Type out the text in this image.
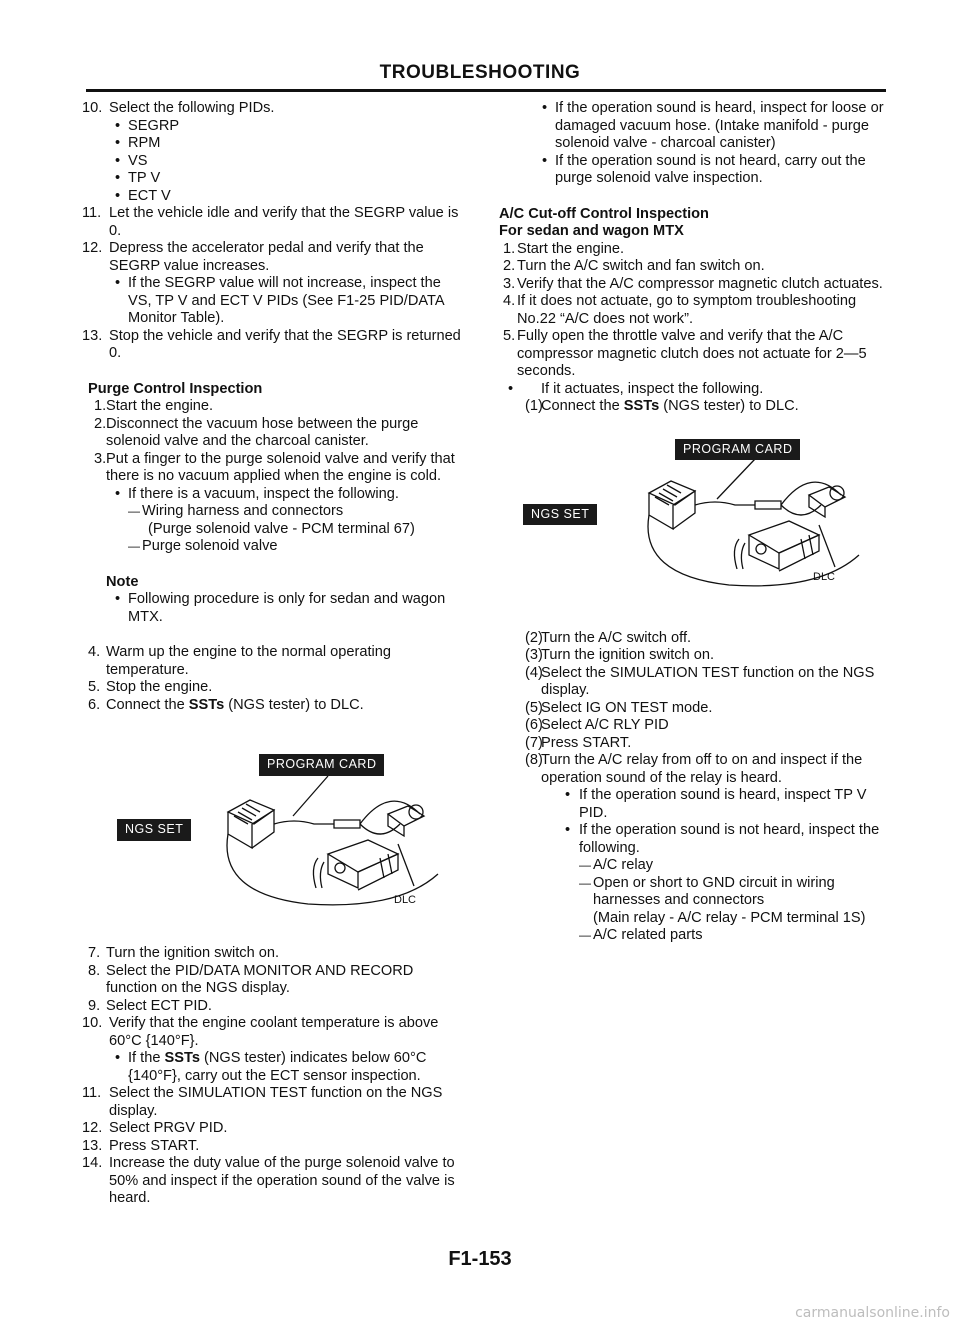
TROUBLESHOOTING
10. Select the following PIDs.
• SEGRP
• RPM
• VS
• TP V
• ECT V
11. Let the vehicle idle and verify that the SEGRP value is 0.
12. Depress the accelerator pedal and verify that the SEGRP value increases.
• If the SEGRP value will not increase, inspect the VS, TP V and ECT V PIDs (See F1-25 PID/DATA Monitor Table).
13. Stop the vehicle and verify that the SEGRP is returned 0.
Purge Control Inspection
1. Start the engine.
2. Disconnect the vacuum hose between the purge solenoid valve and the charcoal canister.
3. Put a finger to the purge solenoid valve and verify that there is no vacuum applied when the engine is cold.
• If there is a vacuum, inspect the following.
— Wiring harness and connectors
(Purge solenoid valve - PCM terminal 67)
— Purge solenoid valve
Note
• Following procedure is only for sedan and wagon MTX.
4. Warm up the engine to the normal operating temperature.
5. Stop the engine.
6. Connect the SSTs (NGS tester) to DLC.
PROGRAM CARD
NGS SET
DLC
7. Turn the ignition switch on.
8. Select the PID/DATA MONITOR AND RECORD function on the NGS display.
9. Select ECT PID.
10. Verify that the engine coolant temperature is above 60°C {140°F}.
• If the SSTs (NGS tester) indicates below 60°C {140°F}, carry out the ECT sensor inspection.
11. Select the SIMULATION TEST function on the NGS display.
12. Select PRGV PID.
13. Press START.
14. Increase the duty value of the purge solenoid valve to 50% and inspect if the operation sound of the valve is heard.
• If the operation sound is heard, inspect for loose or damaged vacuum hose. (Intake manifold - purge solenoid valve - charcoal canister)
• If the operation sound is not heard, carry out the purge solenoid valve inspection.
A/C Cut-off Control Inspection
For sedan and wagon MTX
1. Start the engine.
2. Turn the A/C switch and fan switch on.
3. Verify that the A/C compressor magnetic clutch actuates.
4. If it does not actuate, go to symptom troubleshooting No.22 “A/C does not work”.
5. Fully open the throttle valve and verify that the A/C compressor magnetic clutch does not actuate for 2—5 seconds.
• If it actuates, inspect the following.
(1)
Connect the SSTs (NGS tester) to DLC.
PROGRAM CARD
NGS SET
DLC
(2)
Turn the A/C switch off.
(3)
Turn the ignition switch on.
(4)
Select the SIMULATION TEST function on the NGS display.
(5)
Select IG ON TEST mode.
(6)
Select A/C RLY PID
(7)
Press START.
(8)
Turn the A/C relay from off to on and inspect if the operation sound of the relay is heard.
• If the operation sound is heard, inspect TP V PID.
• If the operation sound is not heard, inspect the following.
— A/C relay
— Open or short to GND circuit in wiring harnesses and connectors
(Main relay - A/C relay - PCM terminal 1S)
— A/C related parts
F1-153
carmanualsonline.info
